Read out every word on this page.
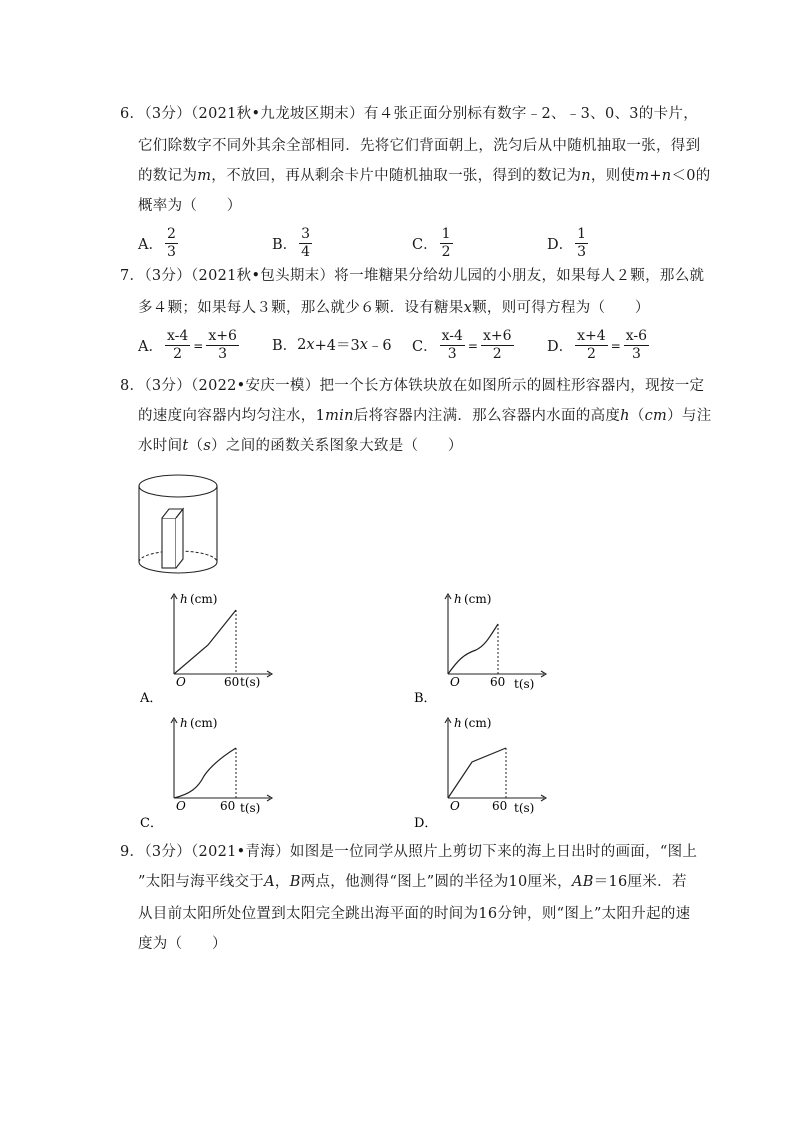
6．（3分）（2021秋•九龙坡区期末）有４张正面分别标有数字﹣2、﹣3、0、3的卡片，
它们除数字不同外其余全部相同．先将它们背面朝上，洗匀后从中随机抽取一张，得到
的数记为m，不放回，再从剩余卡片中随机抽取一张，得到的数记为n，则使m+n＜0的
概率为（　　）
A． $\frac{2}{3}$	B． $\frac{3}{4}$	C． $\frac{1}{2}$	D． $\frac{1}{3}$
7．（3分）（2021秋•包头期末）将一堆糖果分给幼儿园的小朋友，如果每人２颗，那么就
多４颗；如果每人３颗，那么就少６颗．设有糖果x颗，则可得方程为（　　）
A． $\frac{x-4}{2} = \frac{x+6}{3}$ B． 2 x +4＝3 x ﹣6 C． $\frac{x-4}{3} = \frac{x+6}{2}$ D． $\frac{x+4}{2} = \frac{x-6}{3}$
8．（3分）（2022•安庆一模）把一个长方体铁块放在如图所示的圆柱形容器内，现按一定
的速度向容器内均匀注水，1min后将容器内注满．那么容器内水面的高度h（cm）与注
水时间t（s）之间的函数关系图象大致是（　　）
h (cm)
O	60 t(s)
A．
h (cm)
O	60 t(s)
B．
h (cm)
O	60 t(s)
C．
h (cm)
O	60 t(s)
D．
9．（3分）（2021•青海）如图是一位同学从照片上剪切下来的海上日出时的画面，“图上
”太阳与海平线交于A，B两点，他测得“图上”圆的半径为10厘米，AB＝16厘米．若
从目前太阳所处位置到太阳完全跳出海平面的时间为16分钟，则“图上”太阳升起的速
度为（　　）
